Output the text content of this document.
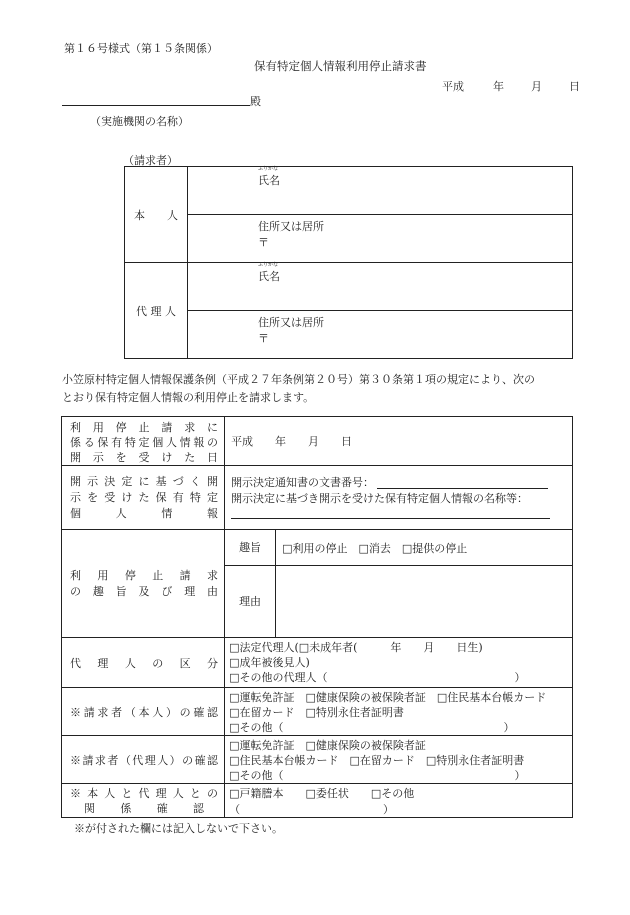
第１６号様式（第１５条関係）
保有特定個人情報利用停止請求書
平成	年 月 日
殿
（実施機関の名称）
（請求者）
本　　人	ふりがな
氏名

	住所又は居所
〒

代 理 人	ふりがな
氏名

	住所又は居所
〒
小笠原村特定個人情報保護条例（平成２７年条例第２０号）第３０条第１項の規定により、次の
とおり保有特定個人情報の利用停止を請求します。
利 用 停 止 請 求 に
係る保有特定個人情報の
開 示 を 受 け た 日	平成　　年　　月　　日	

開 示 決 定 に 基 づ く 開
示 を 受 け た 保 有 特 定
個　　　人　　　情　　　報	開示決定通知書の文書番号：
開示決定に基づき開示を受けた保有特定個人情報の名称等：	

利　用　停　止　請　求
の 趣 旨 及 び 理 由	趣旨	□利用の停止　□消去　□提供の停止
	理由	

代　理　人　の　区　分	□法定代理人(□未成年者(　　　年　　月　　日生)
□成年被後見人)
□その他の代理人（　　　　　　　　　　　　　　　　　）	

※請求者（本人）の確認	□運転免許証　□健康保険の被保険者証　□住民基本台帳カード
□在留カード　□特別永住者証明書
□その他（　　　　　　　　　　　　　　　　　　　　）	

※請求者（代理人）の確認	□運転免許証　□健康保険の被保険者証
□住民基本台帳カード　□在留カード　□特別永住者証明書
□その他（　　　　　　　　　　　　　　　　　　　　　）	

※ 本 人 と 代 理 人 と の
関　係　確　認	□戸籍謄本　　□委任状　　□その他（　　　　　　　　　　　　　）	
※が付された欄には記入しないで下さい。
